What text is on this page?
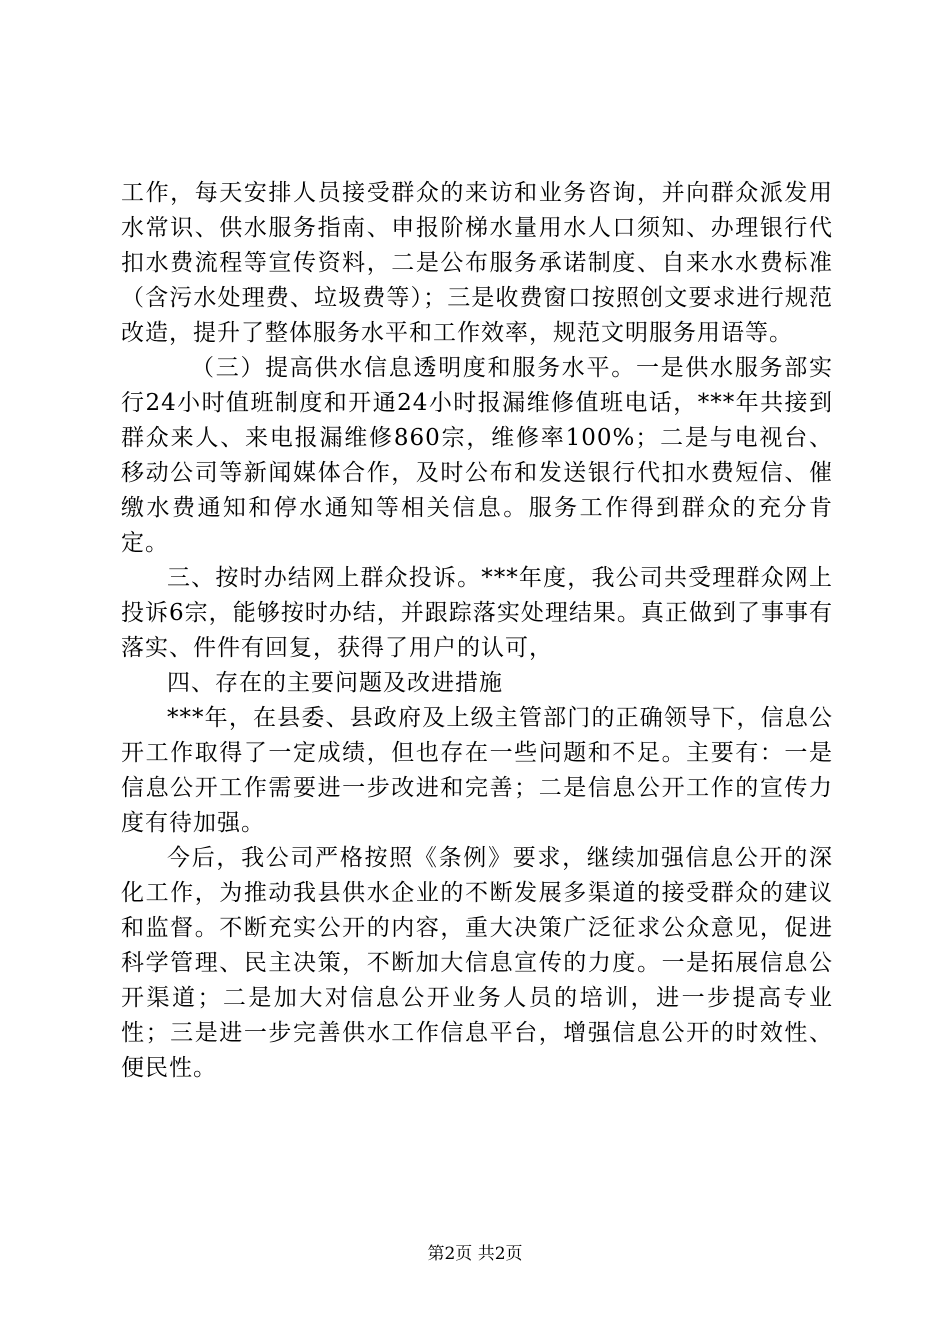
工作，每天安排人员接受群众的来访和业务咨询，并向群众派发用水常识、供水服务指南、申报阶梯水量用水人口须知、办理银行代扣水费流程等宣传资料，二是公布服务承诺制度、自来水水费标准（含污水处理费、垃圾费等）；三是收费窗口按照创文要求进行规范改造，提升了整体服务水平和工作效率，规范文明服务用语等。

（三）提高供水信息透明度和服务水平。一是供水服务部实行24小时值班制度和开通24小时报漏维修值班电话，***年共接到群众来人、来电报漏维修860宗，维修率100%；二是与电视台、移动公司等新闻媒体合作，及时公布和发送银行代扣水费短信、催缴水费通知和停水通知等相关信息。服务工作得到群众的充分肯定。

三、按时办结网上群众投诉。***年度，我公司共受理群众网上投诉6宗，能够按时办结，并跟踪落实处理结果。真正做到了事事有落实、件件有回复，获得了用户的认可，

四、存在的主要问题及改进措施

***年，在县委、县政府及上级主管部门的正确领导下，信息公开工作取得了一定成绩，但也存在一些问题和不足。主要有：一是信息公开工作需要进一步改进和完善；二是信息公开工作的宣传力度有待加强。

今后，我公司严格按照《条例》要求，继续加强信息公开的深化工作，为推动我县供水企业的不断发展多渠道的接受群众的建议和监督。不断充实公开的内容，重大决策广泛征求公众意见，促进科学管理、民主决策，不断加大信息宣传的力度。一是拓展信息公开渠道；二是加大对信息公开业务人员的培训，进一步提高专业性；三是进一步完善供水工作信息平台，增强信息公开的时效性、便民性。

第2页 共2页
